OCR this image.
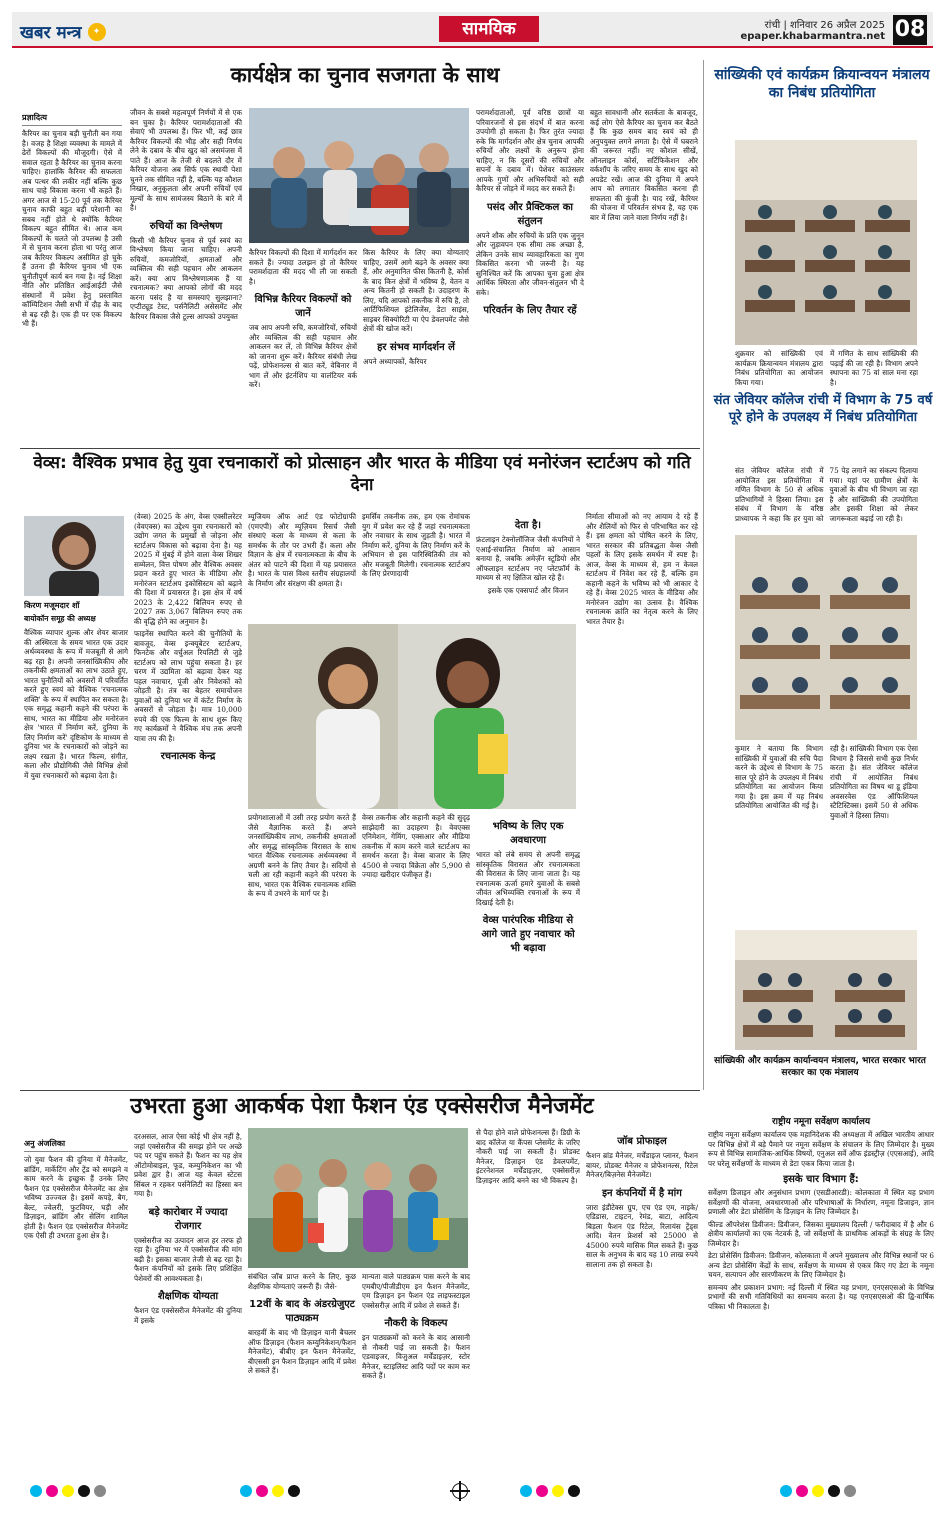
खबर मन्त्र	✦	सामयिक	रांची | शनिवार 26 अप्रैल 2025
epaper.khabarmantra.net 08
कार्यक्षेत्र का चुनाव सजगता के साथ
प्रज्ञादित्य

कैरियर का चुनाव बड़ी चुनौती बन गया है। वजह है शिक्षा व्यवस्था के मामले में ढेरों विकल्पों की मौजूदगी। ऐसे में सवाल रहता है कैरियर का चुनाव करना चाहिए। हालांकि कैरियर की सफलता अब पत्थर की लकीर नहीं बल्कि कुछ साथ चाहे विकास करना भी कहते हैं। अगर आज से 15-20 पूर्व तक कैरियर चुनाव काफी बहुत बड़ी परेशानी का सबब नहीं होते थे क्योंकि कैरियर विकल्प बहुत सीमित थे। आज कम विकल्पों के चलते जो उपलब्ध है उसी में से चुनाव करना होता था परंतु आज जब कैरियर विकल्प असीमित हो चुके हैं उतना ही कैरियर चुनाव भी एक चुनौतीपूर्ण कार्य बन गया है। नई शिक्षा नीति और प्रतिष्ठित आईआईटी जैसे संस्थानों में प्रवेश हेतु प्रस्तावित कॉम्पिटिशन जैसी सभी में दौड़ के बाद से बढ़ रही है। एक ही पर एक विकल्प भी हैं।

जीवन के सबसे महत्वपूर्ण निर्णयों में से एक बन चुका है। कैरियर परामर्शदाताओं की सेवाएं भी उपलब्ध हैं। फिर भी, कई छात्र कैरियर विकल्पों की भीड़ और सही निर्णय लेने के दबाव के बीच खुद को असमंजस में पाते हैं। आज के तेजी से बदलते दौर में कैरियर योजना अब सिर्फ एक स्थायी पेशा चुनने तक सीमित नहीं है, बल्कि यह कौशल निखार, अनुकूलता और अपनी रुचियों एवं मूल्यों के साथ सामंजस्य बिठाने के बारे में है।

रुचियों का विश्लेषण

किसी भी कैरियर चुनाव से पूर्व स्वयं का विश्लेषण किया जाना चाहिए। अपनी रुचियों, कमजोरियों, क्षमताओं और व्यक्तित्व की सही पहचान और आकलन करें। क्या आप विश्लेषणात्मक हैं या रचनात्मक? क्या आपको लोगों की मदद करना पसंद है या समस्याएं सुलझाना? एप्टीट्यूड टेस्ट, पर्सनैलिटी असेसमेंट और कैरियर विकास जैसे टूल्स आपको उपयुक्त

कैरियर विकल्पों की दिशा में मार्गदर्शन कर सकते हैं। ज्यादा उलझन हो तो कैरियर परामर्शदाता की मदद भी ली जा सकती है।

विभिन्न कैरियर विकल्पों को जानें

जब आप अपनी रुचि, कमजोरियों, रुचियों और व्यक्तित्व की सही पहचान और आकलन कर लें, तो विभिन्न कैरियर क्षेत्रों को जानना शुरू करें। कैरियर संबंधी लेख पढ़ें, प्रोफेशनल्स से बात करें, वेबिनार में भाग लें और इंटर्नशिप या वालंटियर वर्क करें।

किस कैरियर के लिए क्या योग्यताएं चाहिए, उसमें आगे बढ़ने के अवसर क्या हैं, और अनुमानित फीस कितनी है, कोर्स के बाद किन क्षेत्रों में भविष्य है, वेतन व अन्य कितनी हो सकती है। उदाहरण के लिए, यदि आपको तकनीक में रुचि है, तो आर्टिफिशियल इंटेलिजेंस, डेटा साइंस, साइबर सिक्योरिटी या ऐप डेवलपमेंट जैसे क्षेत्रों की खोज करें।

हर संभव मार्गदर्शन लें

अपने अध्यापकों, कैरियर

परामर्शदाताओं, पूर्व वरिष्ठ छात्रों या परिवारजनों से इस संदर्भ में बात करना उपयोगी हो सकता है। फिर तुरंत ज्यादा रुके कि मार्गदर्शन और क्षेत्र चुनाव आपकी रुचियों और लक्ष्यों के अनुरूप होना चाहिए, न कि दूसरों की रुचियों और सपनों के दबाव में। पेशेवर काउंसलर आपके गुणों और अभिरुचियों को सही कैरियर से जोड़ने में मदद कर सकते हैं।

पसंद और प्रैक्टिकल का संतुलन

अपने शौक और रुचियों के प्रति एक जुनून और जुड़ावपन एक सीमा तक अच्छा है, लेकिन उनके साथ व्यावहारिकता का गुण विकसित करना भी जरूरी है। यह सुनिश्चित करें कि आपका चुना हुआ क्षेत्र आर्थिक स्थिरता और जीवन-संतुलन भी दे सके।

परिवर्तन के लिए तैयार रहें

बहुत सावधानी और सतर्कता के बावजूद, कई लोग ऐसे कैरियर का चुनाव कर बैठते हैं कि कुछ समय बाद स्वयं को ही अनुपयुक्त लगने लगता है। ऐसे में घबराने की जरूरत नहीं। नए कौशल सीखें, ऑनलाइन कोर्स, सर्टिफिकेशन और वर्कशॉप के जरिए समय के साथ खुद को अपडेट रखें। आज की दुनिया में अपने आप को लगातार विकसित करना ही सफलता की कुंजी है। याद रखें, कैरियर की योजना में परिवर्तन संभव है, यह एक बार में लिया जाने वाला निर्णय नहीं है।

सांख्यिकी एवं कार्यक्रम क्रियान्वयन मंत्रालय का निबंध प्रतियोगिता
शुक्रवार को सांख्यिकी एवं कार्यक्रम क्रियान्वयन मंत्रालय द्वारा निबंध प्रतियोगिता का आयोजन किया गया।
में गणित के साथ सांख्यिकी की पढ़ाई की जा रही है। विभाग अपने स्थापना का 75 वां साल मना रहा है।
संत जेवियर कॉलेज रांची में विभाग के 75 वर्ष पूरे होने के उपलक्ष्य में निबंध प्रतियोगिता
संत जेवियर कॉलेज रांची में आयोजित इस प्रतियोगिता में गणित विभाग के 50 से अधिक प्रतिभागियों ने हिस्सा लिया। इस संबंध में विभाग के वरिष्ठ प्राध्यापक ने कहा कि हर युवा को 75 पेड़ लगाने का संकल्प दिलाया गया। यहां पर ग्रामीण क्षेत्रों के युवाओं के बीच भी विभाग जा रहा है और सांख्यिकी की उपयोगिता और इसकी शिक्षा को लेकर जागरूकता बढ़ाई जा रही है।
कुमार ने बताया कि विभाग सांख्यिकी में युवाओं की रुचि पैदा करने के उद्देश्य से विभाग के 75 साल पूरे होने के उपलक्ष्य में निबंध प्रतियोगिता का आयोजन किया गया है। इस क्रम में यह निबंध प्रतियोगिता आयोजित की गई है।
रही है। सांख्यिकी विभाग एक ऐसा विभाग है जिससे सभी कुछ निर्भर करता है। संत जेवियर कॉलेज रांची में आयोजित निबंध प्रतियोगिता का विषय था डू इंडिया अवसरवेस एंड ऑफिशियल स्टैटिस्टिक्स। इसमें 50 से अधिक युवाओं ने हिस्सा लिया।
सांख्यिकी और कार्यक्रम कार्यान्वयन मंत्रालय, भारत सरकार भारत सरकार का एक मंत्रालय
वेव्स: वैश्विक प्रभाव हेतु युवा रचनाकारों को प्रोत्साहन और भारत के मीडिया एवं मनोरंजन स्टार्टअप को गति देना
किरण मजूमदार शॉ
बायोकॉन समूह की अध्यक्ष
वैश्विक व्यापार शुल्क और शेयर बाजार की अस्थिरता के समय भारत एक उदार अर्थव्यवस्था के रूप में मजबूती से आगे बढ़ रहा है। अपनी जनसांख्यिकीय और तकनीकी क्षमताओं का लाभ उठाते हुए, भारत चुनौतियों को अवसरों में परिवर्तित करते हुए स्वयं को वैश्विक 'रचनात्मक शक्ति' के रूप में स्थापित कर सकता है। एक समृद्ध कहानी कहने की परंपरा के साथ, भारत का मीडिया और मनोरंजन क्षेत्र 'भारत में निर्माण करें, दुनिया के लिए निर्माण करें' दृष्टिकोण के माध्यम से दुनिया भर के रचनाकारों को जोड़ने का लक्ष्य रखता है। भारत फिल्म, संगीत, कला और प्रौद्योगिकी जैसे विभिन्न क्षेत्रों में युवा रचनाकारों को बढ़ावा देता है।

(वेव्स) 2025 के अंग, वेव्स एक्सीलरेटर (वेवएक्स) का उद्देश्य युवा रचनाकारों को उद्योग जगत के प्रमुखों से जोड़ना और स्टार्टअप विकास को बढ़ावा देना है। यह 2025 में मुंबई में होने वाला वेव्स शिखर सम्मेलन, वित्त पोषण और वैश्विक अवसर प्रदान करते हुए भारत के मीडिया और मनोरंजन स्टार्टअप इकोसिस्टम को बढ़ाने की दिशा में प्रयासरत है। इस क्षेत्र में वर्ष 2023 के 2,422 बिलियन रुपए से 2027 तक 3,067 बिलियन रुपए तक की वृद्धि होने का अनुमान है।

फाइनेंस स्थापित करने की चुनौतियों के बावजूद, वेव्स इन्क्यूबेटर स्टार्टअप, फिनटेक और वर्चुअल रियलिटी से जुड़े स्टार्टअप को लाभ पहुंचा सकता है। हर चरण में उद्यमिता को बढ़ावा देकर यह पहल नवाचार, पूंजी और निवेशकों को जोड़ती है। तंत्र का बेहतर समायोजन युवाओं को दुनिया भर में कंटेंट निर्माण के अवसरों से जोड़ता है। मात्र 10,000 रुपये की एक फिल्म के साथ शुरू किए गए कार्यक्रमों ने वैश्विक मंच तक अपनी यात्रा तय की है।

रचनात्मक केन्द्र
म्यूजियम ऑफ आर्ट एंड फोटोग्राफी (एमएपी) और म्यूज़ियम रिसर्च जैसी संस्थाएं कला के माध्यम से कला के समर्थक के तौर पर उभरी हैं। कला और विज्ञान के क्षेत्र में रचनात्मकता के बीच के अंतर को पाटने की दिशा में यह प्रयासरत है। भारत के पास विश्व स्तरीय संग्रहालयों के निर्माण और संरक्षण की क्षमता है।
इमर्सिव तकनीक तक, हम एक रोमांचक युग में प्रवेश कर रहे हैं जहां रचनात्मकता और नवाचार के साथ जुड़ती है। भारत में निर्माण करें, दुनिया के लिए निर्माण करें के अभियान से इस पारिस्थितिकी तंत्र को और मजबूती मिलेगी। रचनात्मक स्टार्टअप के लिए प्रेरणादायी
प्रयोगशालाओं में उसी तरह प्रयोग करते हैं जैसे वैज्ञानिक करते हैं। अपने जनसांख्यिकीय लाभ, तकनीकी क्षमताओं और समृद्ध सांस्कृतिक विरासत के साथ भारत वैश्विक रचनात्मक अर्थव्यवस्था में अग्रणी बनने के लिए तैयार है। सदियों से चली आ रही कहानी कहने की परंपरा के साथ, भारत एक वैश्विक रचनात्मक शक्ति के रूप में उभरने के मार्ग पर है।
वेव्स तकनीक और कहानी कहने की सुदृढ़ साझेदारी का उदाहरण है। वेवएक्स एनिमेशन, गेमिंग, एक्सआर और मीडिया तकनीक में काम करने वाले स्टार्टअप का समर्थन करता है। वेव्स बाजार के लिए 4500 से ज्यादा विक्रेता और 5,900 से ज्यादा खरीदार पंजीकृत हैं।
देता है।

फ्रंटलाइन टेक्नोलॉजिज जैसी कंपनियों ने एआई-संचालित निर्माण को आसान बनाया है, जबकि अमेज़ॅन स्टूडियो और ऑफलाइन स्टार्टअप नए प्लेटफ़ॉर्म के माध्यम से नए क्षितिज खोल रहे हैं।

इसके एक एक्सपार्ट और विजन

भविष्य के लिए एक अवधारणा

भारत को लंबे समय से अपनी समृद्ध सांस्कृतिक विरासत और रचनात्मकता की विरासत के लिए जाना जाता है। यह रचनात्मक ऊर्जा हमारे युवाओं के सबसे जीवंत अभिव्यक्ति रचनाओं के रूप में दिखाई देती है।

वेव्स पारंपरिक मीडिया से आगे जाते हुए नवाचार को भी बढ़ावा
निर्माता सीमाओं को नए आयाम दे रहे हैं और शैलियों को फिर से परिभाषित कर रहे हैं। इस क्षमता को पोषित करने के लिए, भारत सरकार की प्रतिबद्धता वेव्स जैसी पहलों के लिए इसके समर्थन में स्पष्ट है। आज, वेव्स के माध्यम से, हम न केवल स्टार्टअप में निवेश कर रहे हैं, बल्कि हम कहानी कहने के भविष्य को भी आकार दे रहे हैं। वेव्स 2025 भारत के मीडिया और मनोरंजन उद्योग का उत्सव है। वैश्विक रचनात्मक क्रांति का नेतृत्व करने के लिए भारत तैयार है।
उभरता हुआ आकर्षक पेशा फैशन एंड एक्सेसरीज मैनेजमेंट
अनु अंजलिका

जो युवा फैशन की दुनिया में मैनेजमेंट, ब्रांडिंग, मार्केटिंग और ट्रेंड को समझने व काम करने के इच्छुक हैं उनके लिए फैशन एंड एक्सेसरीज मैनेजमेंट का क्षेत्र भविष्य उज्ज्वल है। इसमें कपड़े, बैग, बेल्ट, ज्वेलरी, फुटवियर, घड़ी और डिज़ाइन, ब्रांडिंग और सेलिंग शामिल होती है। फैशन एंड एक्सेसरीज मैनेजमेंट एक ऐसी ही उभरता हुआ क्षेत्र है।

दरअसल, आज ऐसा कोई भी क्षेत्र नहीं है, जहां एक्सेसरीज की समझ होने पर अच्छे पद पर पहुंच सकते हैं। फैशन का यह क्षेत्र ऑटोमोबाइल, फूड, कम्युनिकेशन का भी प्रवेश द्वार है। आज यह केवल स्टेटस सिंबल न रहकर पर्सनैलिटी का हिस्सा बन गया है।

बड़े कारोबार में ज्यादा रोजगार

एक्सेसरीज का उत्पादन आज हर तरफ हो रहा है। दुनिया भर में एक्सेसरीज की मांग बढ़ी है। इसका बाजार तेजी से बढ़ रहा है। फैशन कंपनियों को इसके लिए प्रशिक्षित पेशेवरों की आवश्यकता है।

शैक्षणिक योग्यता

फैशन एंड एक्सेसरीज मैनेजमेंट की दुनिया में इसके

संबंधित जॉब प्राप्त करने के लिए, कुछ शैक्षणिक योग्यताएं जरूरी हैं। जैसे-

12वीं के बाद के अंडरग्रेजुएट पाठ्यक्रम

बारहवीं के बाद भी डिज़ाइन यानी बैचलर ऑफ डिज़ाइन (फैशन कम्युनिकेशन/फैशन मैनेजमेंट), बीबीए इन फैशन मैनेजमेंट, बीएससी इन फैशन डिज़ाइन आदि में प्रवेश ले सकते हैं।

मान्यता वाले पाठ्यक्रम पास करने के बाद एमबीए/पीजीडीएम इन फैशन मैनेजमेंट, एम डिज़ाइन इन फैशन एंड लाइफस्टाइल एक्सेसरीज़ आदि में प्रवेश ले सकते हैं।

नौकरी के विकल्प

इन पाठ्यक्रमों को करने के बाद आसानी से नौकरी पाई जा सकती है। फैशन एडवाइजर, विजुअल मर्चेंडाइज़र, स्टोर मैनेजर, स्टाइलिस्ट आदि पदों पर काम कर सकते हैं।

से पैदा होने वाले प्रोफेशनल्स हैं। डिग्री के बाद कॉलेज या कैंपस प्लेसमेंट के जरिए नौकरी पाई जा सकती है। प्रोडक्ट मैनेजर, डिज़ाइन एंड डेवलपमेंट, इंटरनेशनल मर्चेंडाइज़र, एक्सेसरीज़ डिज़ाइनर आदि बनने का भी विकल्प है।
जॉब प्रोफाइल

फैशन ब्रांड मैनेजर, मर्चेंडाइज प्लानर, फैशन बायर, प्रोडक्ट मैनेजर व प्रोफेशनल्स, रिटेल मैनेजर/बिज़नेस मैनेजमेंट।

इन कंपनियों में है मांग

जारा इंडीटेक्स ग्रुप, एच एंड एम, नाइके/एडिडास, टाइटन, रेमंड, बाटा, आदित्य बिड़ला फैशन एंड रिटेल, रिलायंस ट्रेंड्स आदि। वेतन फ्रेशर्स को 25000 से 45000 रुपये मासिक मिल सकते हैं। कुछ साल के अनुभव के बाद यह 10 लाख रुपये सालाना तक हो सकता है।

राष्ट्रीय नमूना सर्वेक्षण कार्यालय

राष्ट्रीय नमूना सर्वेक्षण कार्यालय एक महानिदेशक की अध्यक्षता में अखिल भारतीय आधार पर विभिन्न क्षेत्रों में बड़े पैमाने पर नमूना सर्वेक्षण के संचालन के लिए जिम्मेदार है। मुख्य रूप से विभिन्न सामाजिक-आर्थिक विषयों, एनुअल सर्वे ऑफ इंडस्ट्रीज़ (एएसआई), आदि पर घरेलू सर्वेक्षणों के माध्यम से डेटा एकत्र किया जाता है।

इसके चार विभाग हैं:

सर्वेक्षण डिजाइन और अनुसंधान प्रभाग (एसडीआरडी): कोलकाता में स्थित यह प्रभाग सर्वेक्षणों की योजना, अवधारणाओं और परिभाषाओं के निर्धारण, नमूना डिजाइन, ज्ञान प्रणाली और डेटा प्रोसेसिंग के डिज़ाइन के लिए जिम्मेदार है।

फील्ड ऑपरेशंस डिवीजन: डिवीजन, जिसका मुख्यालय दिल्ली / फरीदाबाद में है और 6 क्षेत्रीय कार्यालयों का एक नेटवर्क है, जो सर्वेक्षणों के प्राथमिक आंकड़ों के संग्रह के लिए जिम्मेदार है।

डेटा प्रोसेसिंग डिवीजन: डिवीजन, कोलकाता में अपने मुख्यालय और विभिन्न स्थानों पर 6 अन्य डेटा प्रोसेसिंग केंद्रों के साथ, सर्वेक्षण के माध्यम से एकत्र किए गए डेटा के नमूना चयन, सत्यापन और सारणीकरण के लिए जिम्मेदार है।

समन्वय और प्रकाशन प्रभाग: नई दिल्ली में स्थित यह प्रभाग, एनएसएसओ के विभिन्न प्रभागों की सभी गतिविधियों का समन्वय करता है। यह एनएसएसओ की द्वि-वार्षिक पत्रिका भी निकालता है।
